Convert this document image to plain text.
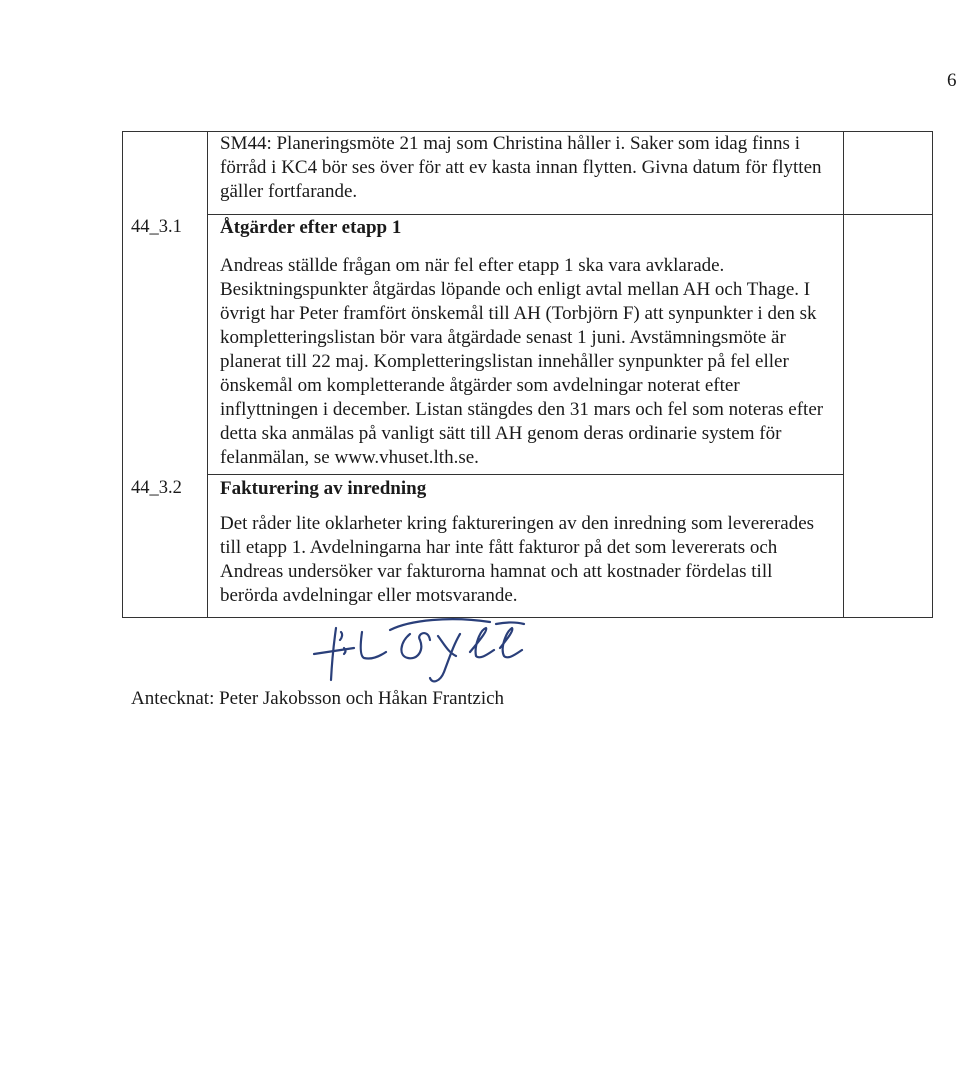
6

SM44: Planeringsmöte 21 maj som Christina håller i. Saker som idag finns i förråd i KC4 bör ses över för att ev kasta innan flytten. Givna datum för flytten gäller fortfarande.

44_3.1 Åtgärder efter etapp 1

Andreas ställde frågan om när fel efter etapp 1 ska vara avklarade. Besiktningspunkter åtgärdas löpande och enligt avtal mellan AH och Thage. I övrigt har Peter framfört önskemål till AH (Torbjörn F) att synpunkter i den sk kompletteringslistan bör vara åtgärdade senast 1 juni. Avstämningsmöte är planerat till 22 maj. Kompletteringslistan innehåller synpunkter på fel eller önskemål om kompletterande åtgärder som avdelningar noterat efter inflyttningen i december. Listan stängdes den 31 mars och fel som noteras efter detta ska anmälas på vanligt sätt till AH genom deras ordinarie system för felanmälan, se www.vhuset.lth.se.

44_3.2 Fakturering av inredning

Det råder lite oklarheter kring faktureringen av den inredning som levererades till etapp 1. Avdelningarna har inte fått fakturor på det som levererats och Andreas undersöker var fakturorna hamnat och att kostnader fördelas till berörda avdelningar eller motsvarande.

Antecknat: Peter Jakobsson och Håkan Frantzich
